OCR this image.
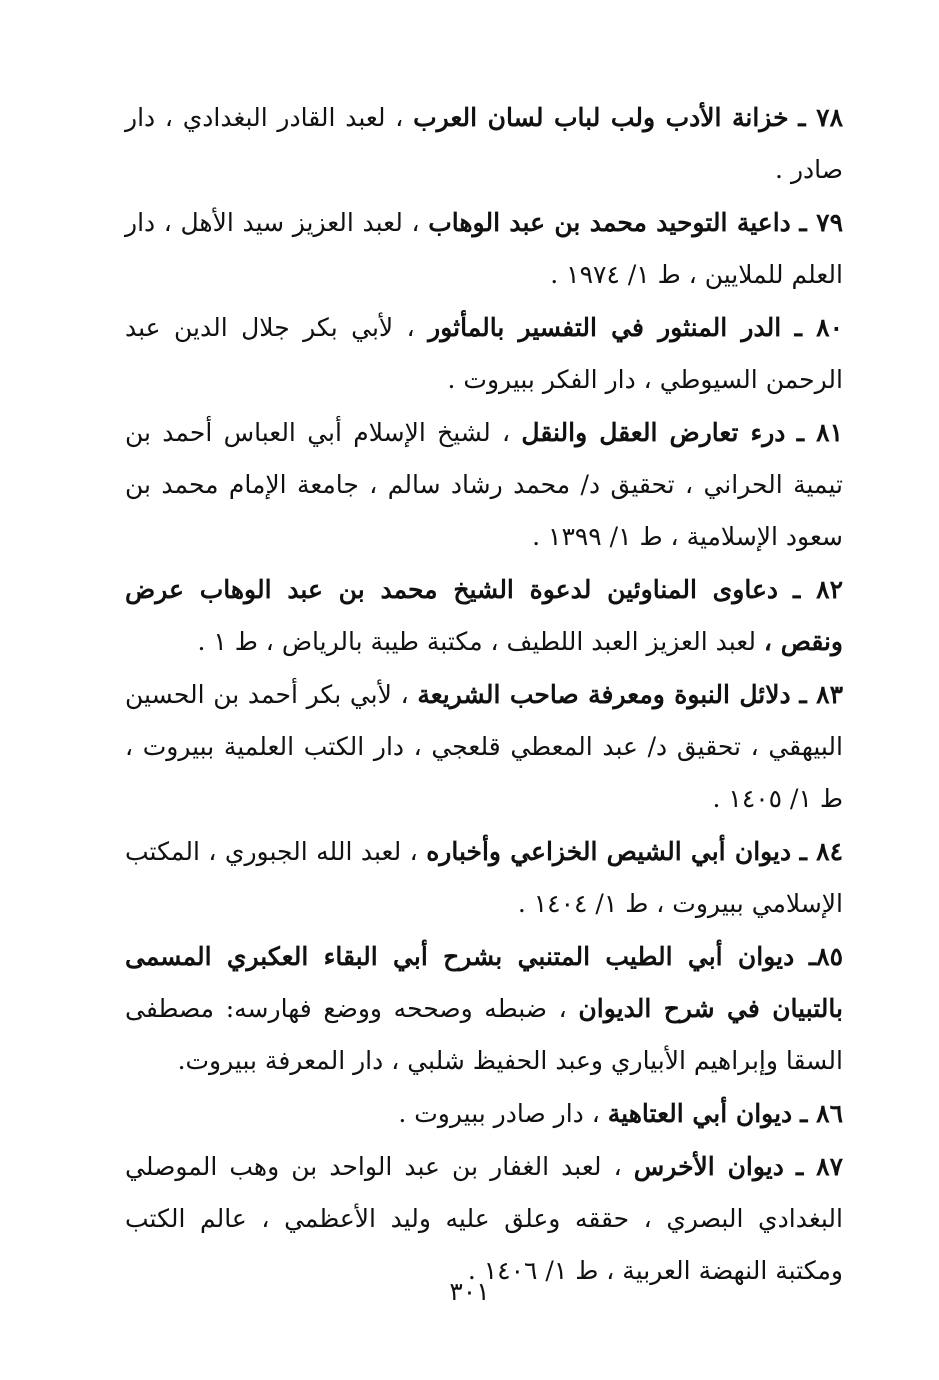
٧٨ ـ خزانة الأدب ولب لباب لسان العرب ، لعبد القادر البغدادي ، دار صادر .

٧٩ ـ داعية التوحيد محمد بن عبد الوهاب ، لعبد العزيز سيد الأهل ، دار العلم للملايين ، ط ١/ ١٩٧٤ .

٨٠ ـ الدر المنثور في التفسير بالمأثور ، لأبي بكر جلال الدين عبد الرحمن السيوطي ، دار الفكر ببيروت .

٨١ ـ درء تعارض العقل والنقل ، لشيخ الإسلام أبي العباس أحمد بن تيمية الحراني ، تحقيق د/ محمد رشاد سالم ، جامعة الإمام محمد بن سعود الإسلامية ، ط ١/ ١٣٩٩ .

٨٢ ـ دعاوى المناوئين لدعوة الشيخ محمد بن عبد الوهاب عرض ونقص ، لعبد العزيز العبد اللطيف ، مكتبة طيبة بالرياض ، ط ١ .

٨٣ ـ دلائل النبوة ومعرفة صاحب الشريعة ، لأبي بكر أحمد بن الحسين البيهقي ، تحقيق د/ عبد المعطي قلعجي ، دار الكتب العلمية ببيروت ، ط ١/ ١٤٠٥ .

٨٤ ـ ديوان أبي الشيص الخزاعي وأخباره ، لعبد الله الجبوري ، المكتب الإسلامي ببيروت ، ط ١/ ١٤٠٤ .

٨٥ـ ديوان أبي الطيب المتنبي بشرح أبي البقاء العكبري المسمى بالتبيان في شرح الديوان ، ضبطه وصححه ووضع فهارسه: مصطفى السقا وإبراهيم الأبياري وعبد الحفيظ شلبي ، دار المعرفة ببيروت.

٨٦ ـ ديوان أبي العتاهية ، دار صادر ببيروت .

٨٧ ـ ديوان الأخرس ، لعبد الغفار بن عبد الواحد بن وهب الموصلي البغدادي البصري ، حققه وعلق عليه وليد الأعظمي ، عالم الكتب ومكتبة النهضة العربية ، ط ١/ ١٤٠٦ .

٣٠١
